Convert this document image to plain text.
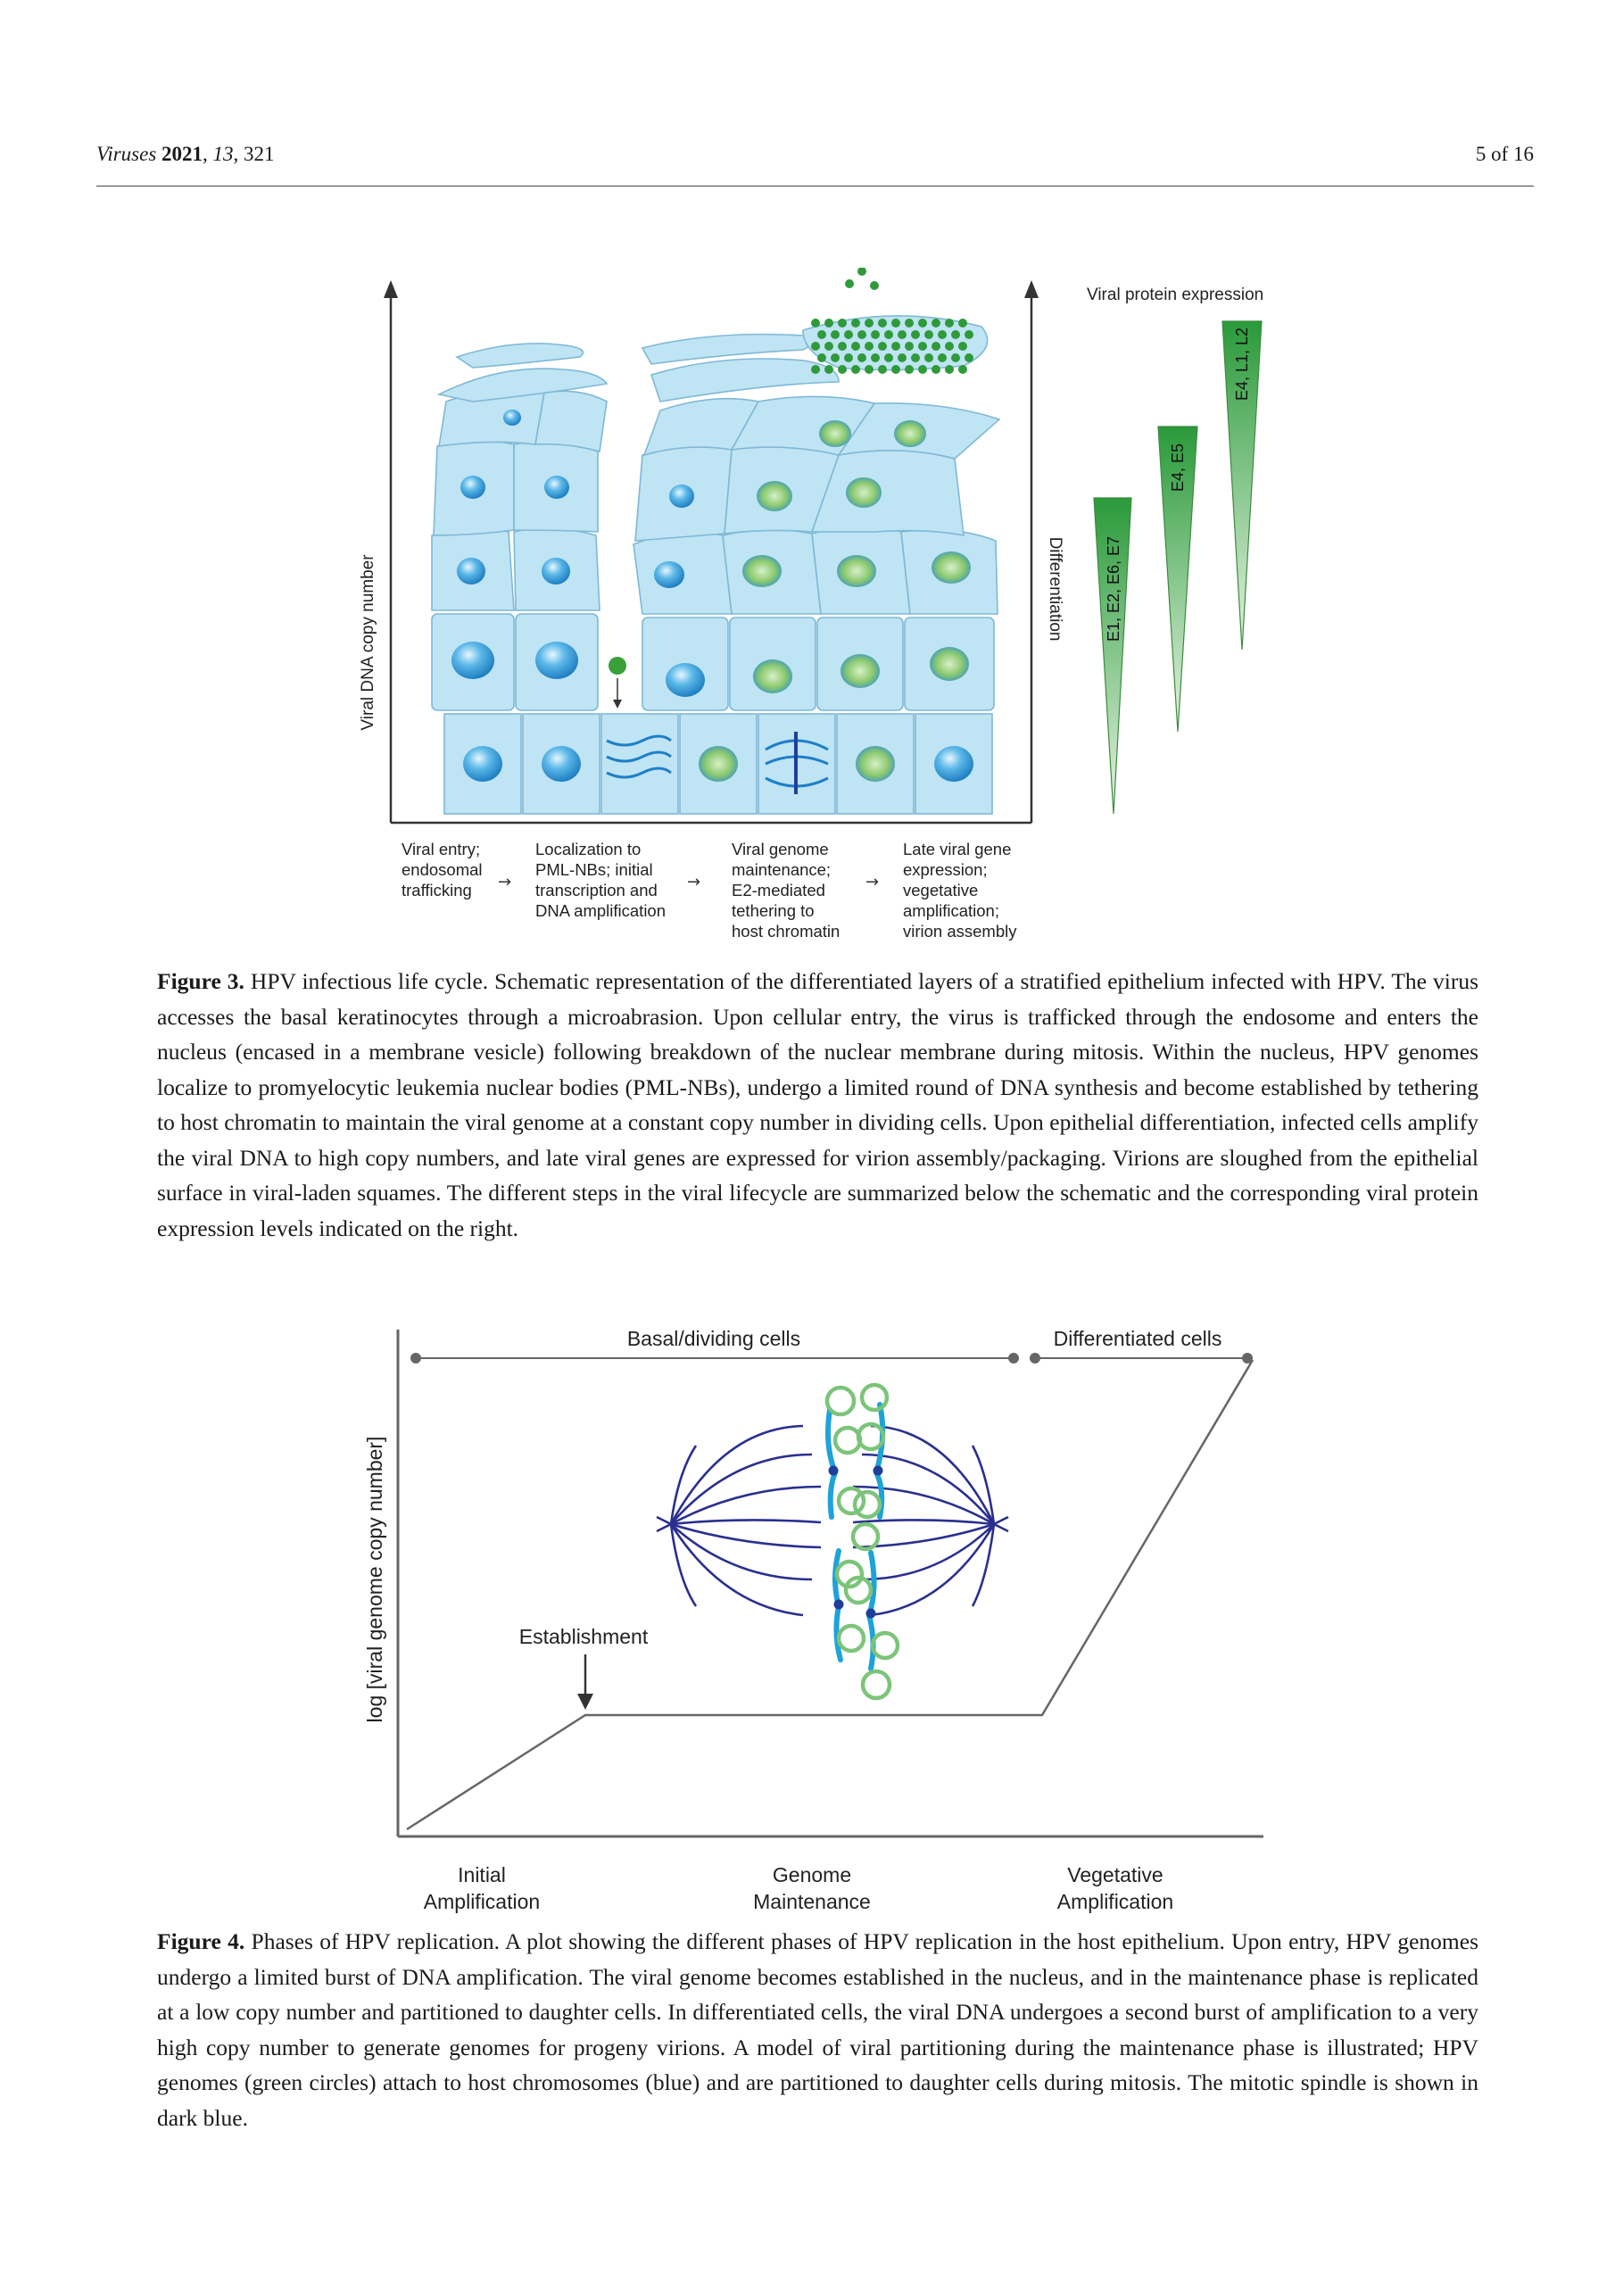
Viruses 2021, 13, 321	5 of 16
Viral DNA copy number	Differentiation
Viral protein expression
E1, E2, E6, E7
E4, E5
E4, L1, L2
Viral entry;
endosomal
trafficking	→
Localization to
PML-NBs; initial
transcription and
DNA amplification
→
Viral genome
maintenance;
E2-mediated
tethering to
host chromatin
→
Late viral gene
expression;
vegetative
amplification;
virion assembly
Figure 3. HPV infectious life cycle. Schematic representation of the differentiated layers of a stratified epithelium infected with HPV. The virus accesses the basal keratinocytes through a microabrasion. Upon cellular entry, the virus is trafficked through the endosome and enters the nucleus (encased in a membrane vesicle) following breakdown of the nuclear membrane during mitosis. Within the nucleus, HPV genomes localize to promyelocytic leukemia nuclear bodies (PML-NBs), undergo a limited round of DNA synthesis and become established by tethering to host chromatin to maintain the viral genome at a constant copy number in dividing cells. Upon epithelial differentiation, infected cells amplify the viral DNA to high copy numbers, and late viral genes are expressed for virion assembly/packaging. Virions are sloughed from the epithelial surface in viral-laden squames. The different steps in the viral lifecycle are summarized below the schematic and the corresponding viral protein expression levels indicated on the right.
log [viral genome copy number]
Basal/dividing cells	Differentiated cells
Establishment
Initial
Amplification
Genome
Maintenance
Vegetative
Amplification
Figure 4. Phases of HPV replication. A plot showing the different phases of HPV replication in the host epithelium. Upon entry, HPV genomes undergo a limited burst of DNA amplification. The viral genome becomes established in the nucleus, and in the maintenance phase is replicated at a low copy number and partitioned to daughter cells. In differentiated cells, the viral DNA undergoes a second burst of amplification to a very high copy number to generate genomes for progeny virions. A model of viral partitioning during the maintenance phase is illustrated; HPV genomes (green circles) attach to host chromosomes (blue) and are partitioned to daughter cells during mitosis. The mitotic spindle is shown in dark blue.
